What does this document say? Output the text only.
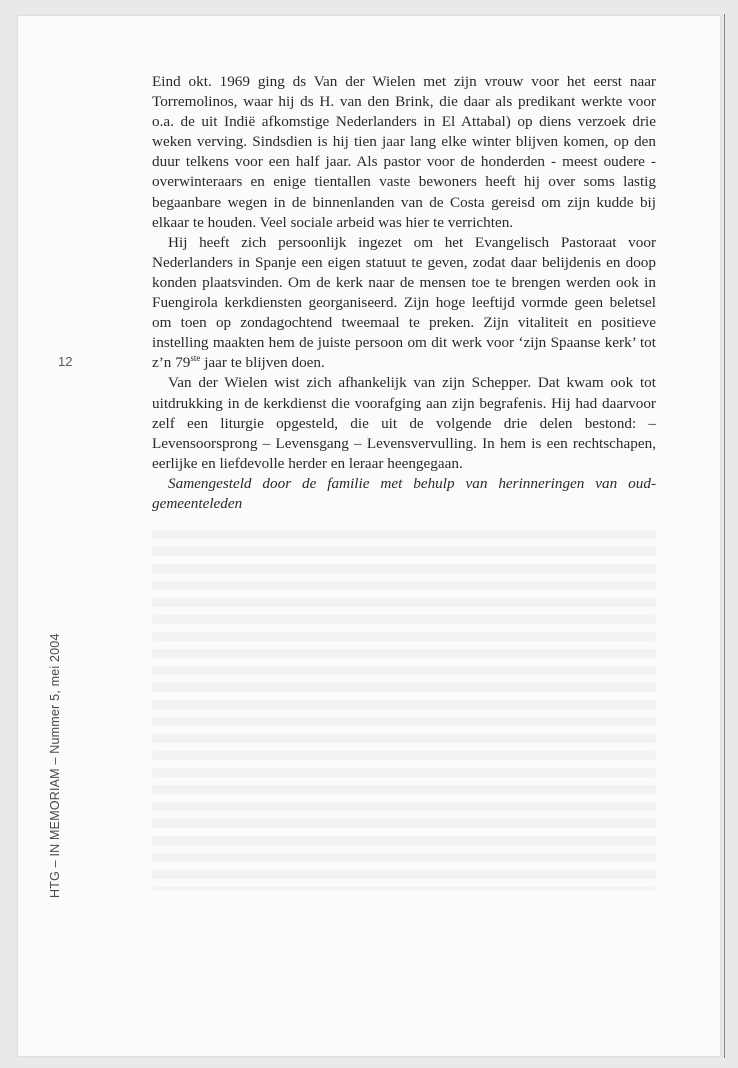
12
HTG – IN MEMORIAM – Nummer 5, mei 2004

Eind okt. 1969 ging ds Van der Wielen met zijn vrouw voor het eerst naar Torremolinos, waar hij ds H. van den Brink, die daar als predikant werkte voor o.a. de uit Indië afkomstige Nederlanders in El Attabal) op diens verzoek drie weken verving. Sindsdien is hij tien jaar lang elke winter blijven komen, op den duur telkens voor een half jaar. Als pastor voor de honderden - meest oudere - overwinteraars en enige tientallen vaste bewoners heeft hij over soms lastig begaanbare wegen in de binnenlanden van de Costa gereisd om zijn kudde bij elkaar te houden. Veel sociale arbeid was hier te verrichten.

Hij heeft zich persoonlijk ingezet om het Evangelisch Pastoraat voor Nederlanders in Spanje een eigen statuut te geven, zodat daar belijdenis en doop konden plaatsvinden. Om de kerk naar de mensen toe te brengen werden ook in Fuengirola kerkdiensten georganiseerd. Zijn hoge leeftijd vormde geen beletsel om toen op zondagochtend tweemaal te preken. Zijn vitaliteit en positieve instelling maakten hem de juiste persoon om dit werk voor ‘zijn Spaanse kerk’ tot z’n 79ste jaar te blijven doen.

Van der Wielen wist zich afhankelijk van zijn Schepper. Dat kwam ook tot uitdrukking in de kerkdienst die voorafging aan zijn begrafenis. Hij had daarvoor zelf een liturgie opgesteld, die uit de volgende drie delen bestond: – Levensoorsprong – Levensgang – Levensvervulling. In hem is een rechtschapen, eerlijke en liefdevolle herder en leraar heengegaan.

Samengesteld door de familie met behulp van herinneringen van oudgemeenteleden
